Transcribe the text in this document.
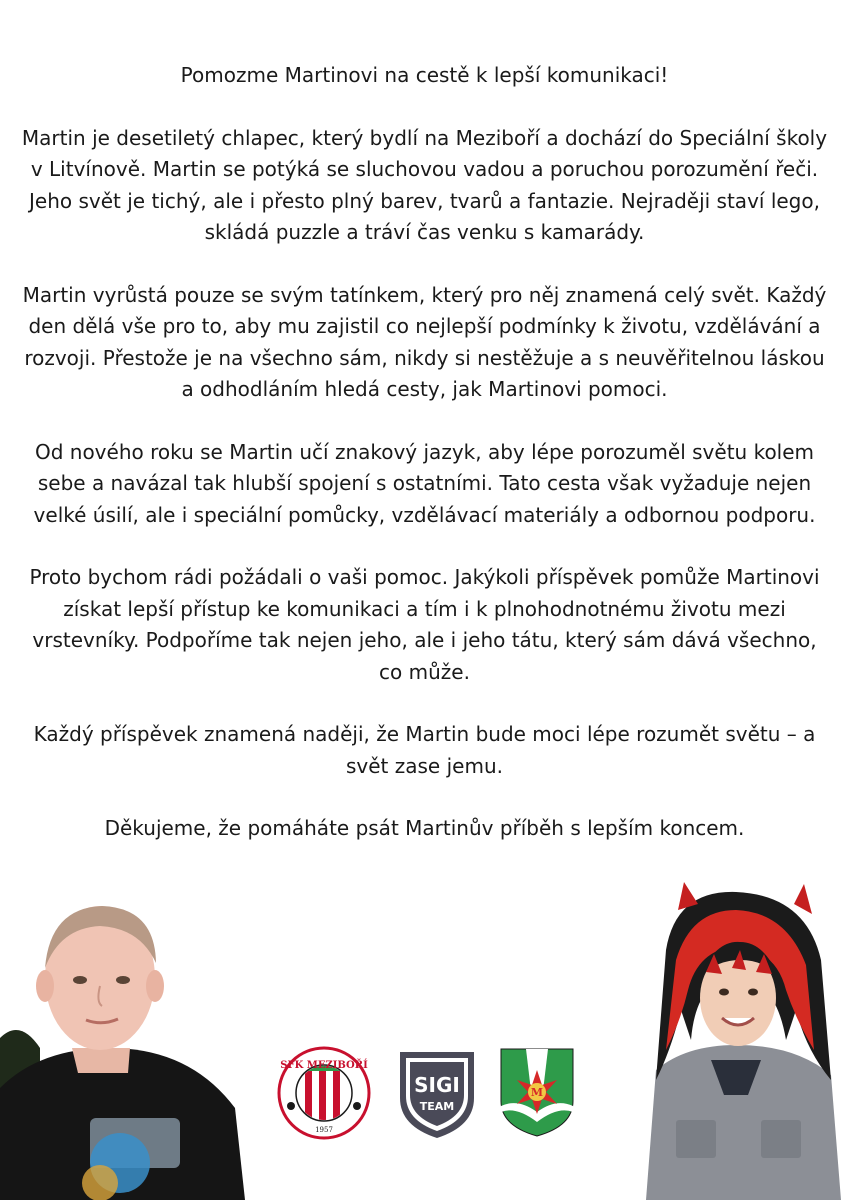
Pomozme Martinovi na cestě k lepší komunikaci!

Martin je desetiletý chlapec, který bydlí na Meziboří a dochází do Speciální školy v Litvínově. Martin se potýká se sluchovou vadou a poruchou porozumění řeči. Jeho svět je tichý, ale i přesto plný barev, tvarů a fantazie. Nejraději staví lego, skládá puzzle a tráví čas venku s kamarády.

Martin vyrůstá pouze se svým tatínkem, který pro něj znamená celý svět. Každý den dělá vše pro to, aby mu zajistil co nejlepší podmínky k životu, vzdělávání a rozvoji. Přestože je na všechno sám, nikdy si nestěžuje a s neuvěřitelnou láskou a odhodláním hledá cesty, jak Martinovi pomoci.

Od nového roku se Martin učí znakový jazyk, aby lépe porozuměl světu kolem sebe a navázal tak hlubší spojení s ostatními. Tato cesta však vyžaduje nejen velké úsilí, ale i speciální pomůcky, vzdělávací materiály a odbornou podporu.

Proto bychom rádi požádali o vaši pomoc. Jakýkoli příspěvek pomůže Martinovi získat lepší přístup ke komunikaci a tím i k plnohodnotnému životu mezi vrstevníky. Podpoříme tak nejen jeho, ale i jeho tátu, který sám dává všechno, co může.

Každý příspěvek znamená naději, že Martin bude moci lépe rozumět světu – a svět zase jemu.

Děkujeme, že pomáháte psát Martinův příběh s lepším koncem.

SFK MEZIBOŘÍ
1957
SIGI
TEAM
M
